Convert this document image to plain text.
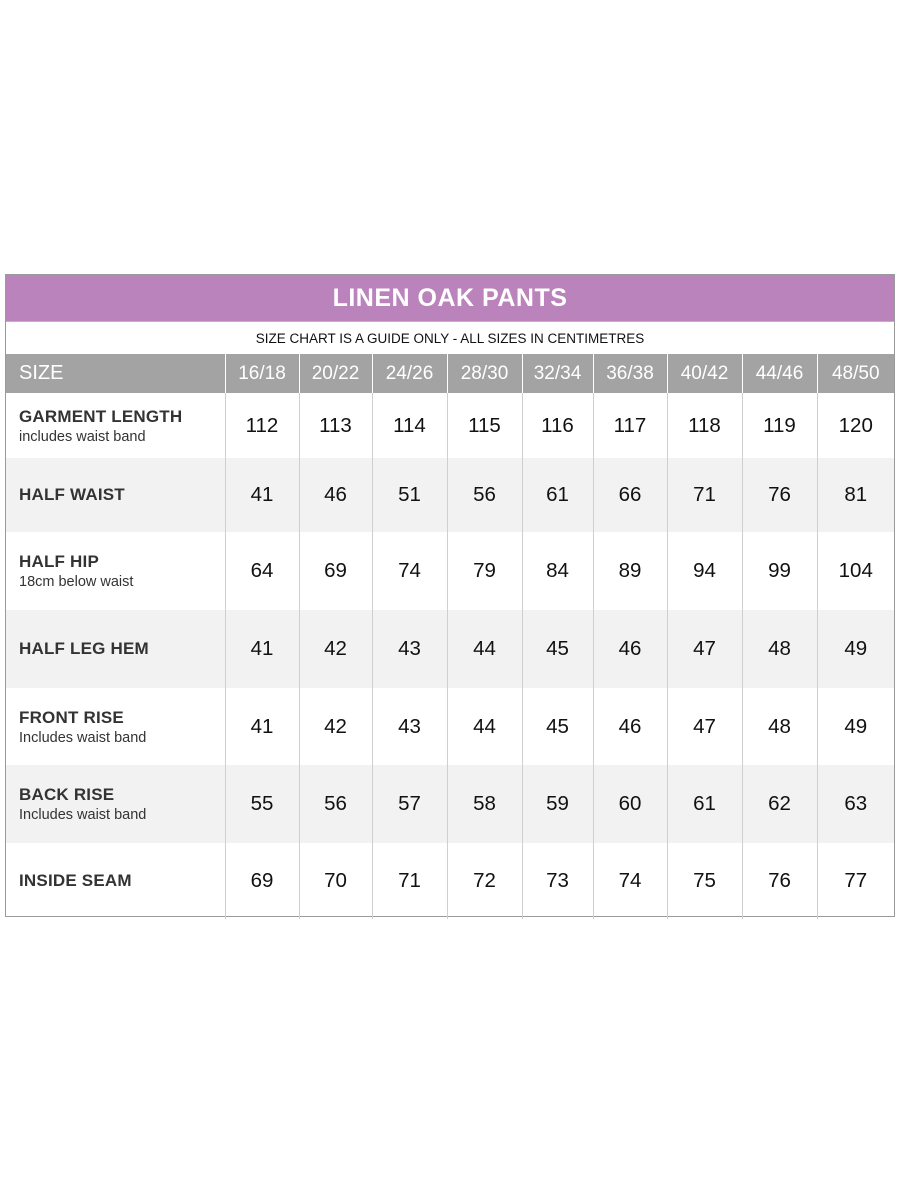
LINEN OAK PANTS
SIZE CHART IS A GUIDE ONLY - ALL SIZES IN CENTIMETRES
SIZE	16/18	20/22	24/26	28/30	32/34	36/38	40/42	44/46	48/50

GARMENT LENGTH
includes waist band	112	113	114	115	116	117	118	119	120

HALF WAIST	41	46	51	56	61	66	71	76	81

HALF HIP
18cm below waist	64	69	74	79	84	89	94	99	104

HALF LEG HEM	41	42	43	44	45	46	47	48	49

FRONT RISE
Includes waist band	41	42	43	44	45	46	47	48	49

BACK RISE
Includes waist band	55	56	57	58	59	60	61	62	63

INSIDE SEAM	69	70	71	72	73	74	75	76	77
